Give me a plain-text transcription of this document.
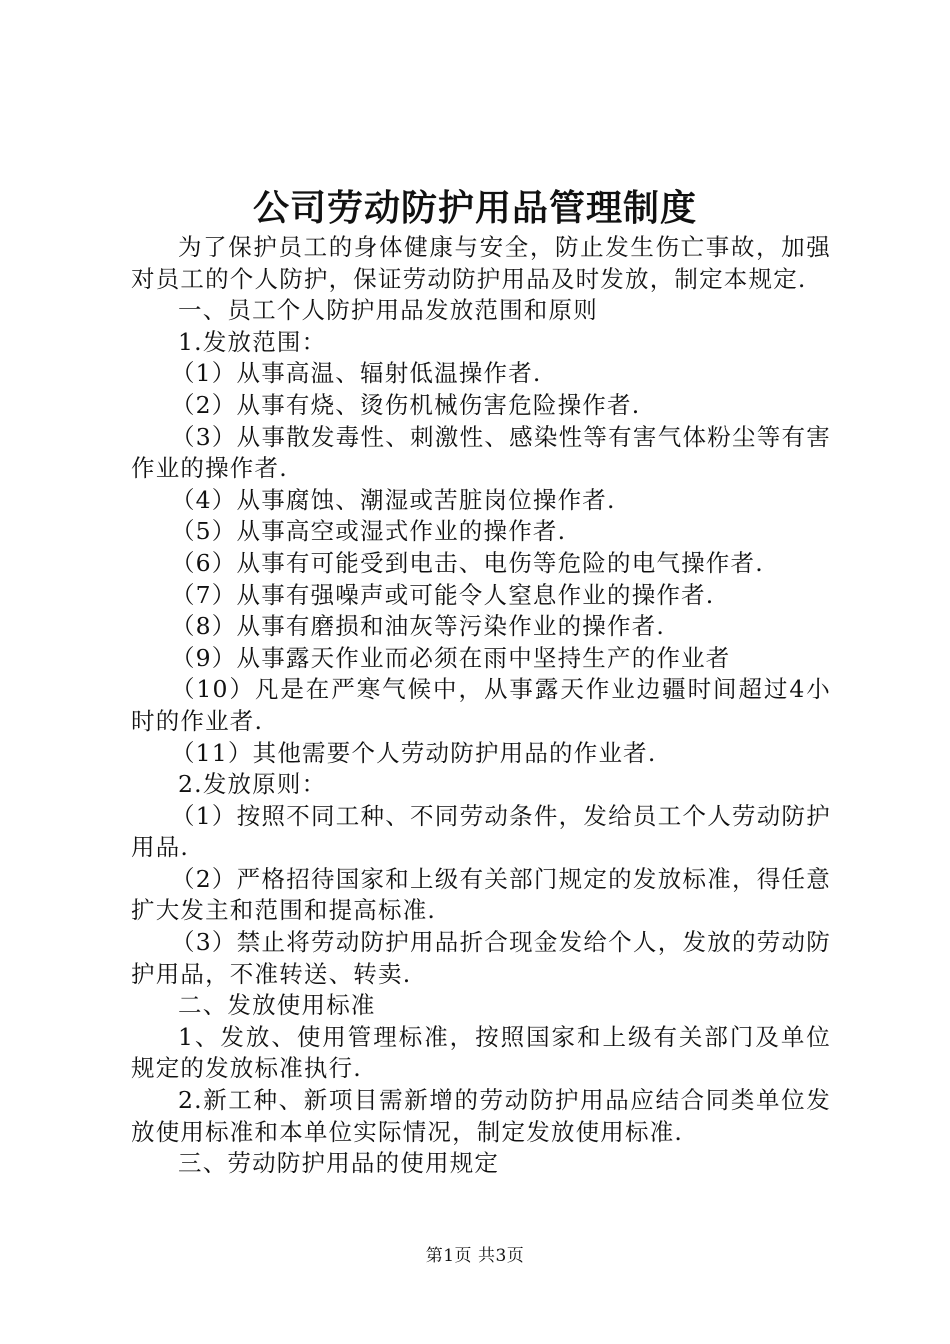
公司劳动防护用品管理制度

为了保护员工的身体健康与安全，防止发生伤亡事故，加强对员工的个人防护，保证劳动防护用品及时发放，制定本规定.

一、员工个人防护用品发放范围和原则

1.发放范围：

（1）从事高温、辐射低温操作者.

（2）从事有烧、烫伤机械伤害危险操作者.

（3）从事散发毒性、刺激性、感染性等有害气体粉尘等有害作业的操作者.

（4）从事腐蚀、潮湿或苦脏岗位操作者.

（5）从事高空或湿式作业的操作者.

（6）从事有可能受到电击、电伤等危险的电气操作者.

（7）从事有强噪声或可能令人窒息作业的操作者.

（8）从事有磨损和油灰等污染作业的操作者.

（9）从事露天作业而必须在雨中坚持生产的作业者

（10）凡是在严寒气候中，从事露天作业边疆时间超过4小时的作业者.

（11）其他需要个人劳动防护用品的作业者.

2.发放原则：

（1）按照不同工种、不同劳动条件，发给员工个人劳动防护用品.

（2）严格招待国家和上级有关部门规定的发放标准，得任意扩大发主和范围和提高标准.

（3）禁止将劳动防护用品折合现金发给个人，发放的劳动防护用品，不准转送、转卖.

二、发放使用标准

1、发放、使用管理标准，按照国家和上级有关部门及单位规定的发放标准执行.

2.新工种、新项目需新增的劳动防护用品应结合同类单位发放使用标准和本单位实际情况，制定发放使用标准.

三、劳动防护用品的使用规定

第1页 共3页
